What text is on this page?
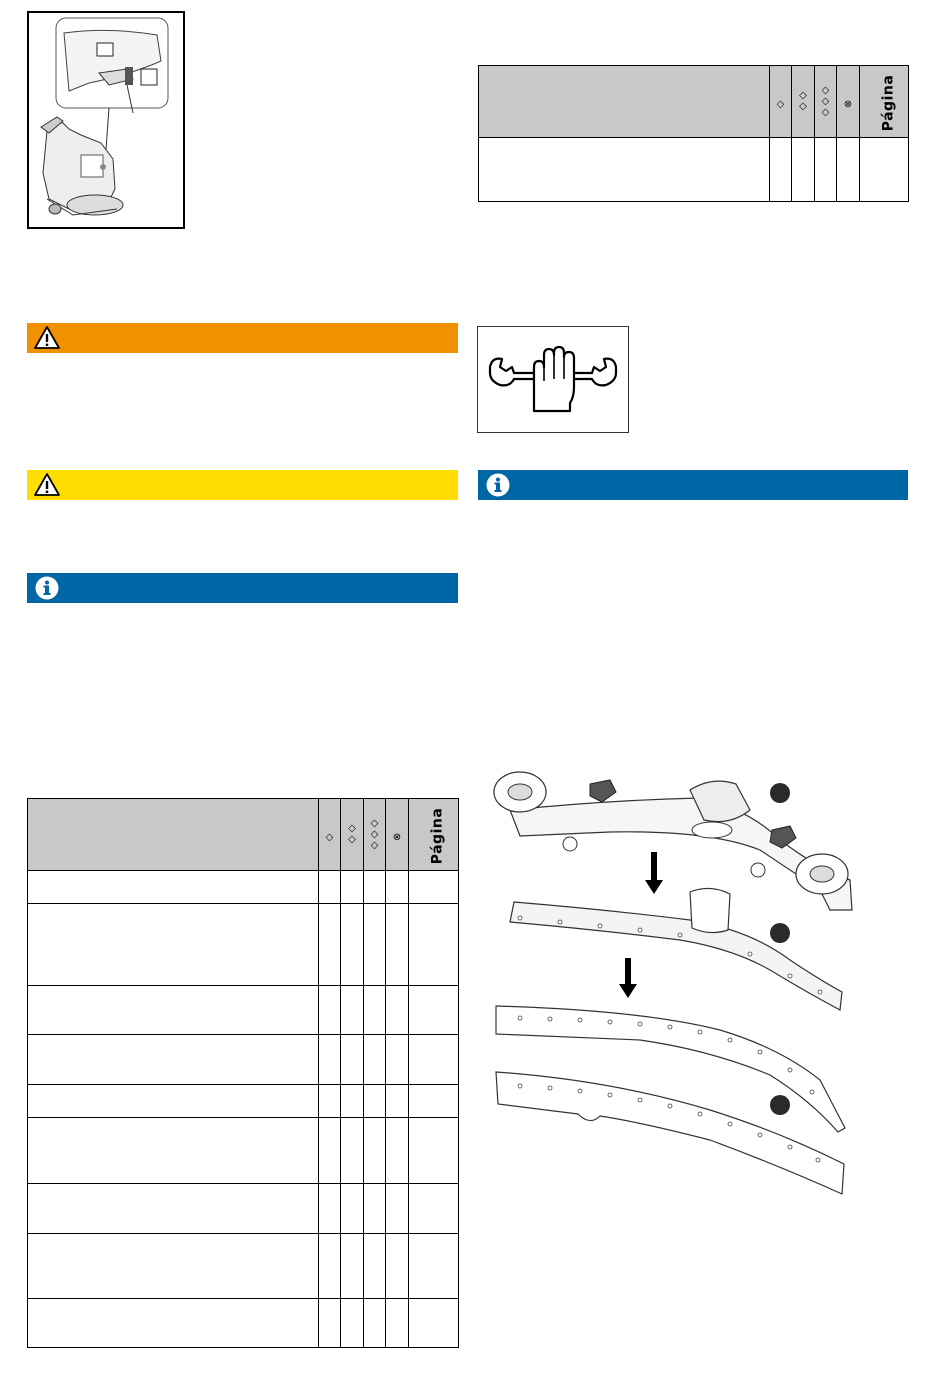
	◇	◇◇	◇◇◇	⊗	Página

	◇	◇◇	◇◇◇	⊗	Página
